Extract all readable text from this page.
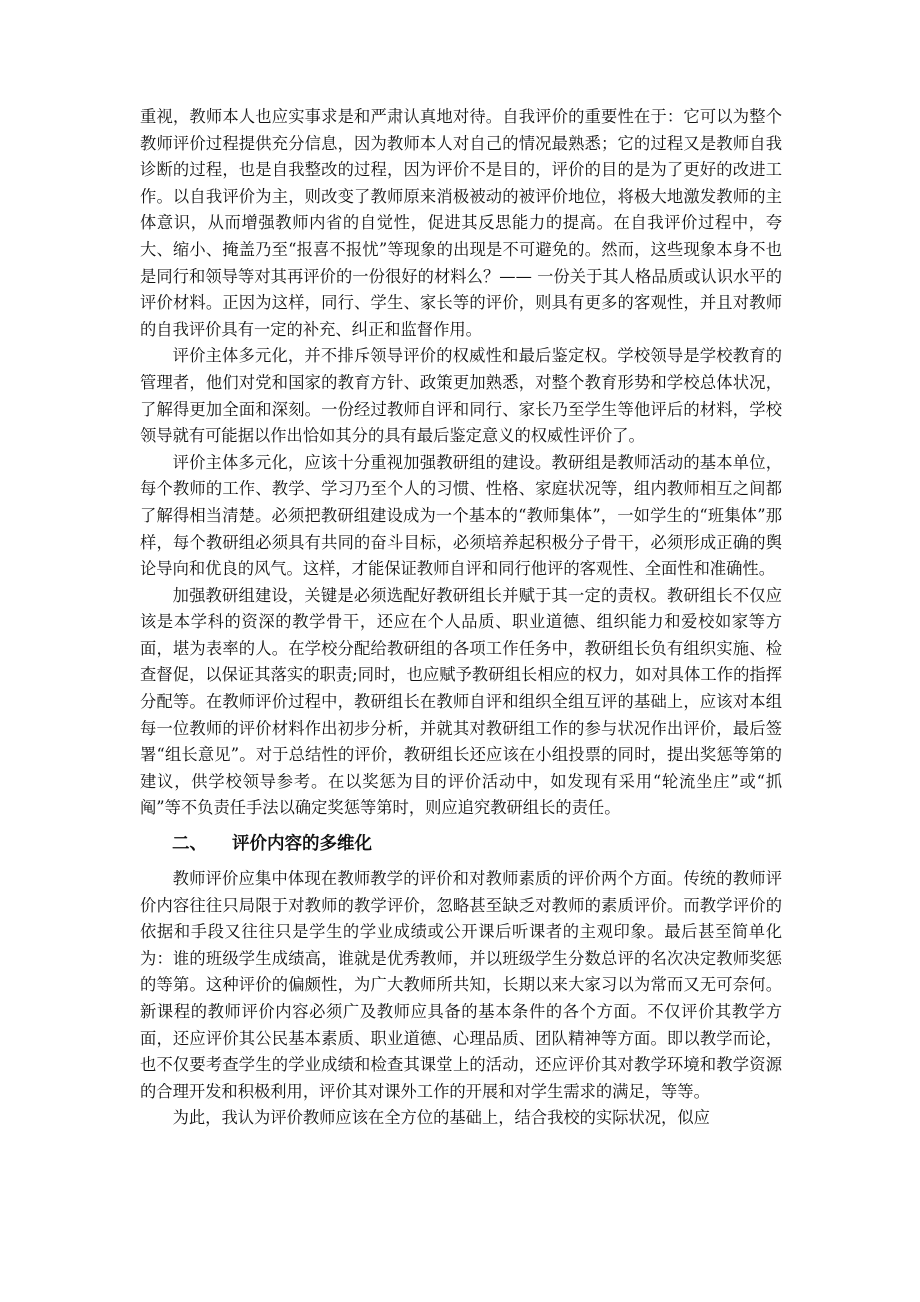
重视，教师本人也应实事求是和严肃认真地对待。自我评价的重要性在于：它可以为整个教师评价过程提供充分信息，因为教师本人对自己的情况最熟悉；它的过程又是教师自我诊断的过程，也是自我整改的过程，因为评价不是目的，评价的目的是为了更好的改进工作。以自我评价为主，则改变了教师原来消极被动的被评价地位，将极大地激发教师的主体意识，从而增强教师内省的自觉性，促进其反思能力的提高。在自我评价过程中，夸大、缩小、掩盖乃至“报喜不报忧”等现象的出现是不可避免的。然而，这些现象本身不也是同行和领导等对其再评价的一份很好的材料么？—— 一份关于其人格品质或认识水平的评价材料。正因为这样，同行、学生、家长等的评价，则具有更多的客观性，并且对教师的自我评价具有一定的补充、纠正和监督作用。

评价主体多元化，并不排斥领导评价的权威性和最后鉴定权。学校领导是学校教育的管理者，他们对党和国家的教育方针、政策更加熟悉，对整个教育形势和学校总体状况，了解得更加全面和深刻。一份经过教师自评和同行、家长乃至学生等他评后的材料，学校领导就有可能据以作出恰如其分的具有最后鉴定意义的权威性评价了。

评价主体多元化，应该十分重视加强教研组的建设。教研组是教师活动的基本单位，每个教师的工作、教学、学习乃至个人的习惯、性格、家庭状况等，组内教师相互之间都了解得相当清楚。必须把教研组建设成为一个基本的“教师集体”，一如学生的“班集体”那样，每个教研组必须具有共同的奋斗目标，必须培养起积极分子骨干，必须形成正确的舆论导向和优良的风气。这样，才能保证教师自评和同行他评的客观性、全面性和准确性。

加强教研组建设，关键是必须选配好教研组长并赋于其一定的责权。教研组长不仅应该是本学科的资深的教学骨干，还应在个人品质、职业道德、组织能力和爱校如家等方面，堪为表率的人。在学校分配给教研组的各项工作任务中，教研组长负有组织实施、检查督促，以保证其落实的职责;同时，也应赋予教研组长相应的权力，如对具体工作的指挥分配等。在教师评价过程中，教研组长在教师自评和组织全组互评的基础上，应该对本组每一位教师的评价材料作出初步分析，并就其对教研组工作的参与状况作出评价，最后签署“组长意见”。对于总结性的评价，教研组长还应该在小组投票的同时，提出奖惩等第的建议，供学校领导参考。在以奖惩为目的评价活动中，如发现有采用“轮流坐庄”或“抓阄”等不负责任手法以确定奖惩等第时，则应追究教研组长的责任。

二、 评价内容的多维化

教师评价应集中体现在教师教学的评价和对教师素质的评价两个方面。传统的教师评价内容往往只局限于对教师的教学评价，忽略甚至缺乏对教师的素质评价。而教学评价的依据和手段又往往只是学生的学业成绩或公开课后听课者的主观印象。最后甚至简单化为：谁的班级学生成绩高，谁就是优秀教师，并以班级学生分数总评的名次决定教师奖惩的等第。这种评价的偏颇性，为广大教师所共知，长期以来大家习以为常而又无可奈何。新课程的教师评价内容必须广及教师应具备的基本条件的各个方面。不仅评价其教学方面，还应评价其公民基本素质、职业道德、心理品质、团队精神等方面。即以教学而论，也不仅要考查学生的学业成绩和检查其课堂上的活动，还应评价其对教学环境和教学资源的合理开发和积极利用，评价其对课外工作的开展和对学生需求的满足，等等。

为此，我认为评价教师应该在全方位的基础上，结合我校的实际状况，似应
